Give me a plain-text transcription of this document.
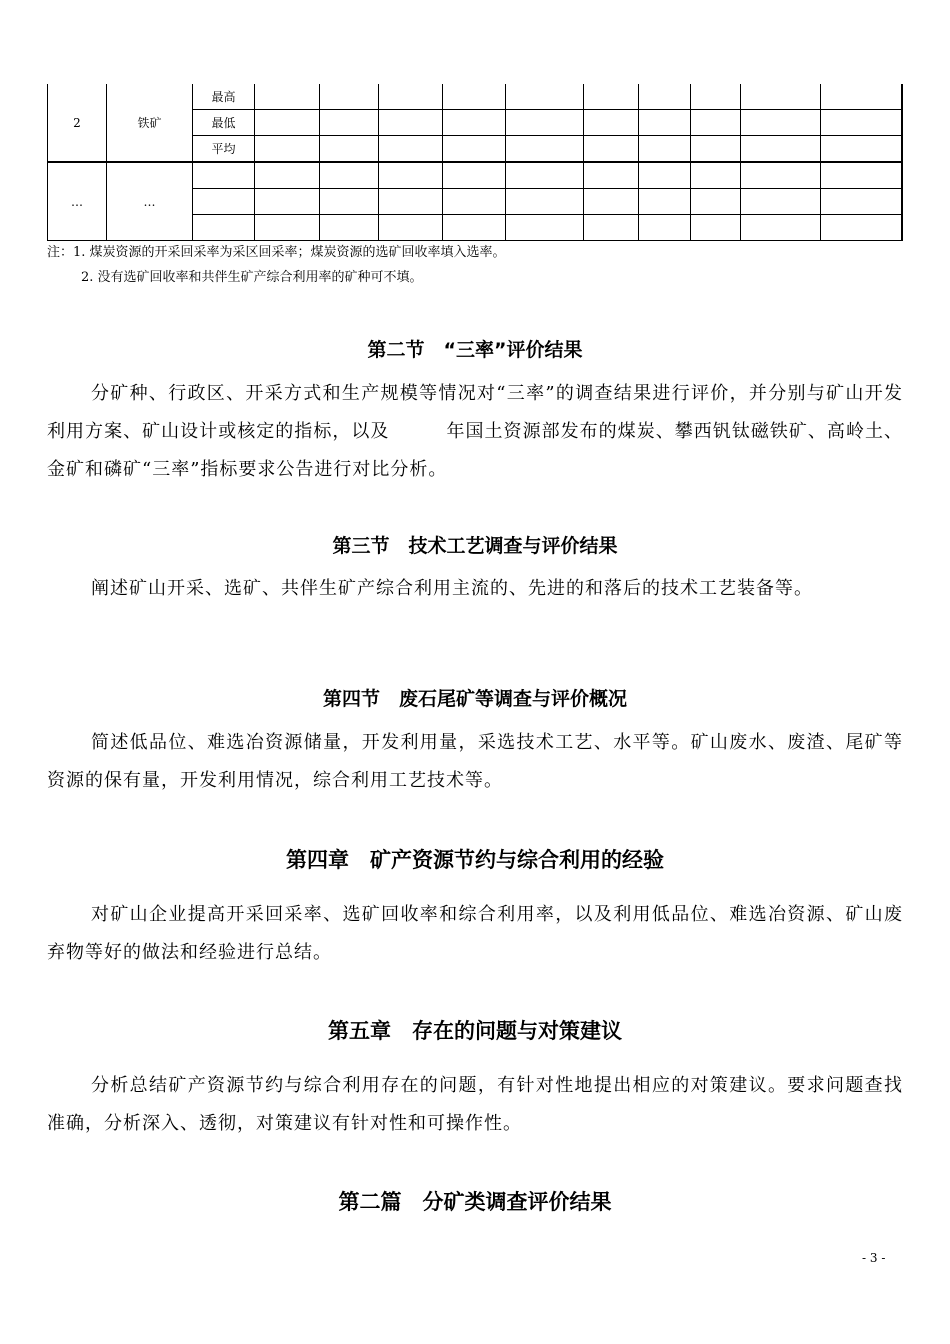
2	铁矿	最高										
		最低										
		平均										
…	…											

注：1. 煤炭资源的开采回采率为采区回采率；煤炭资源的选矿回收率填入选率。
2. 没有选矿回收率和共伴生矿产综合利用率的矿种可不填。
第二节　“三率”评价结果
分矿种、行政区、开采方式和生产规模等情况对“三率”的调查结果进行评价，并分别与矿山开发利用方案、矿山设计或核定的指标，以及　　　年国土资源部发布的煤炭、攀西钒钛磁铁矿、高岭土、金矿和磷矿“三率”指标要求公告进行对比分析。
第三节　技术工艺调查与评价结果
阐述矿山开采、选矿、共伴生矿产综合利用主流的、先进的和落后的技术工艺装备等。
第四节　废石尾矿等调查与评价概况
简述低品位、难选冶资源储量，开发利用量，采选技术工艺、水平等。矿山废水、废渣、尾矿等资源的保有量，开发利用情况，综合利用工艺技术等。
第四章　矿产资源节约与综合利用的经验
对矿山企业提高开采回采率、选矿回收率和综合利用率，以及利用低品位、难选冶资源、矿山废弃物等好的做法和经验进行总结。
第五章　存在的问题与对策建议
分析总结矿产资源节约与综合利用存在的问题，有针对性地提出相应的对策建议。要求问题查找准确，分析深入、透彻，对策建议有针对性和可操作性。
第二篇　分矿类调查评价结果
- 3 -
